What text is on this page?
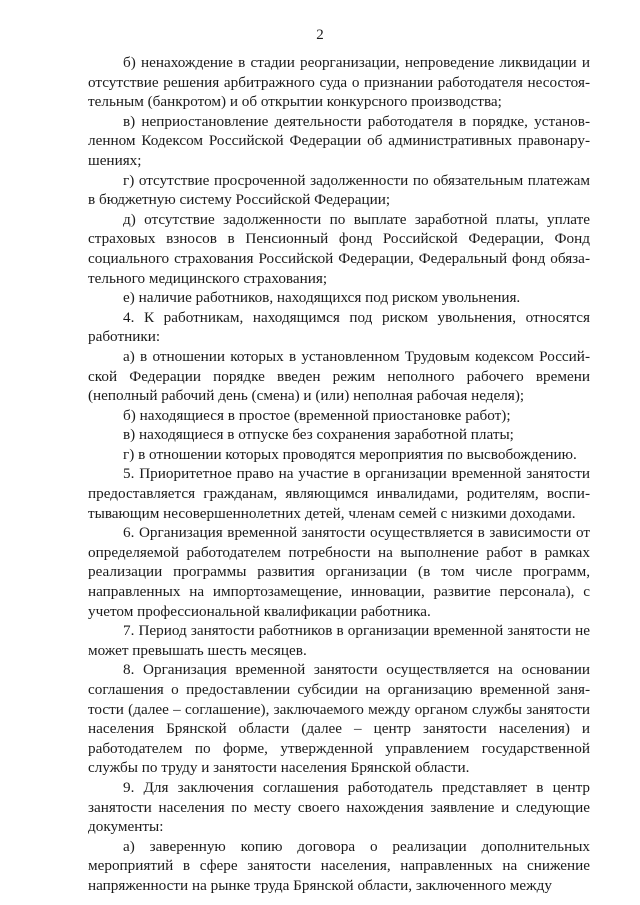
2

б) ненахождение в стадии реорганизации, непроведение ликвидации и отсутствие решения арбитражного суда о признании работодателя несостоятельным (банкротом) и об открытии конкурсного производства;

в) неприостановление деятельности работодателя в порядке, установленном Кодексом Российской Федерации об административных правонарушениях;

г) отсутствие просроченной задолженности по обязательным платежам в бюджетную систему Российской Федерации;

д) отсутствие задолженности по выплате заработной платы, уплате страховых взносов в Пенсионный фонд Российской Федерации, Фонд социального страхования Российской Федерации, Федеральный фонд обязательного медицинского страхования;

е) наличие работников, находящихся под риском увольнения.

4. К работникам, находящимся под риском увольнения, относятся работники:

а) в отношении которых в установленном Трудовым кодексом Российской Федерации порядке введен режим неполного рабочего времени (неполный рабочий день (смена) и (или) неполная рабочая неделя);

б) находящиеся в простое (временной приостановке работ);

в) находящиеся в отпуске без сохранения заработной платы;

г) в отношении которых проводятся мероприятия по высвобождению.

5. Приоритетное право на участие в организации временной занятости предоставляется гражданам, являющимся инвалидами, родителям, воспитывающим несовершеннолетних детей, членам семей с низкими доходами.

6. Организация временной занятости осуществляется в зависимости от определяемой работодателем потребности на выполнение работ в рамках реализации программы развития организации (в том числе программ, направленных на импортозамещение, инновации, развитие персонала), с учетом профессиональной квалификации работника.

7. Период занятости работников в организации временной занятости не может превышать шесть месяцев.

8. Организация временной занятости осуществляется на основании соглашения о предоставлении субсидии на организацию временной занятости (далее – соглашение), заключаемого между органом службы занятости населения Брянской области (далее – центр занятости населения) и работодателем по форме, утвержденной управлением государственной службы по труду и занятости населения Брянской области.

9. Для заключения соглашения работодатель представляет в центр занятости населения по месту своего нахождения заявление и следующие документы:

а) заверенную копию договора о реализации дополнительных мероприятий в сфере занятости населения, направленных на снижение напряженности на рынке труда Брянской области, заключенного между
